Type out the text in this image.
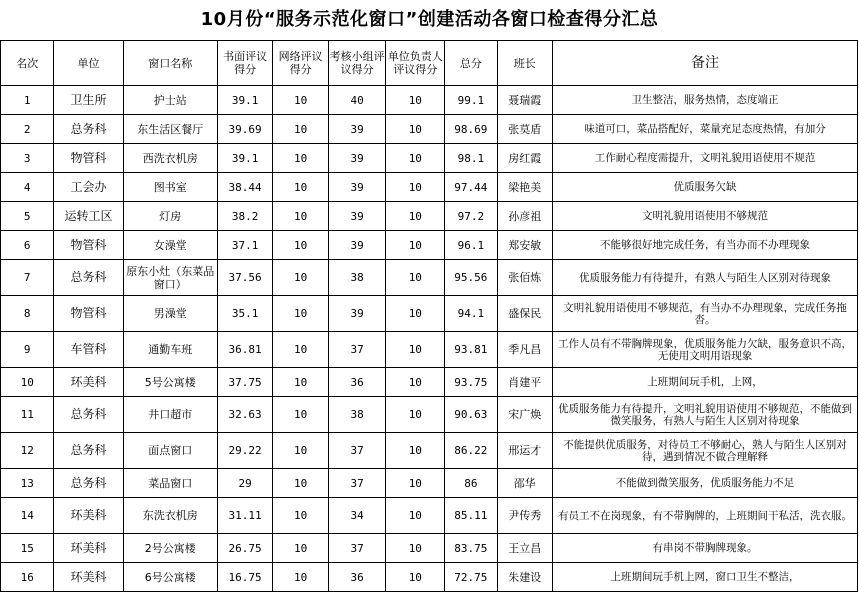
10月份“服务示范化窗口”创建活动各窗口检查得分汇总
名次	单位	窗口名称	书面评议得分	网络评议得分	考核小组评议得分	单位负责人评议得分	总分	班长	备注
1	卫生所	护士站	39.1	10	40	10	99.1	聂瑞霞	卫生整洁，服务热情，态度端正
2	总务科	东生活区餐厅	39.69	10	39	10	98.69	张莫盾	味道可口，菜品搭配好，菜量充足态度热情，有加分
3	物管科	西洗衣机房	39.1	10	39	10	98.1	房红霞	工作耐心程度需提升，文明礼貌用语使用不规范
4	工会办	图书室	38.44	10	39	10	97.44	梁艳美	优质服务欠缺
5	运转工区	灯房	38.2	10	39	10	97.2	孙彦祖	文明礼貌用语使用不够规范
6	物管科	女澡堂	37.1	10	39	10	96.1	郑安敏	不能够很好地完成任务，有当办而不办理现象
7	总务科	原东小灶（东菜品窗口）	37.56	10	38	10	95.56	张佰炼	优质服务能力有待提升，有熟人与陌生人区别对待现象
8	物管科	男澡堂	35.1	10	39	10	94.1	盛保民	文明礼貌用语使用不够规范，有当办不办理现象，完成任务拖沓。
9	车管科	通勤车班	36.81	10	37	10	93.81	季凡昌	工作人员有不带胸牌现象，优质服务能力欠缺，服务意识不高，无使用文明用语现象
10	环美科	5号公寓楼	37.75	10	36	10	93.75	肖建平	上班期间玩手机，上网，
11	总务科	井口超市	32.63	10	38	10	90.63	宋广焕	优质服务能力有待提升，文明礼貌用语使用不够规范，不能做到微笑服务，有熟人与陌生人区别对待现象
12	总务科	面点窗口	29.22	10	37	10	86.22	邢运才	不能提供优质服务，对待员工不够耐心，熟人与陌生人区别对待，遇到情况不做合理解释
13	总务科	菜品窗口	29	10	37	10	86	邵华	不能做到微笑服务，优质服务能力不足
14	环美科	东洗衣机房	31.11	10	34	10	85.11	尹传秀	有员工不在岗现象，有不带胸牌的，上班期间干私活，洗衣服。
15	环美科	2号公寓楼	26.75	10	37	10	83.75	王立昌	有串岗不带胸牌现象。
16	环美科	6号公寓楼	16.75	10	36	10	72.75	朱建设	上班期间玩手机上网，窗口卫生不整洁，
